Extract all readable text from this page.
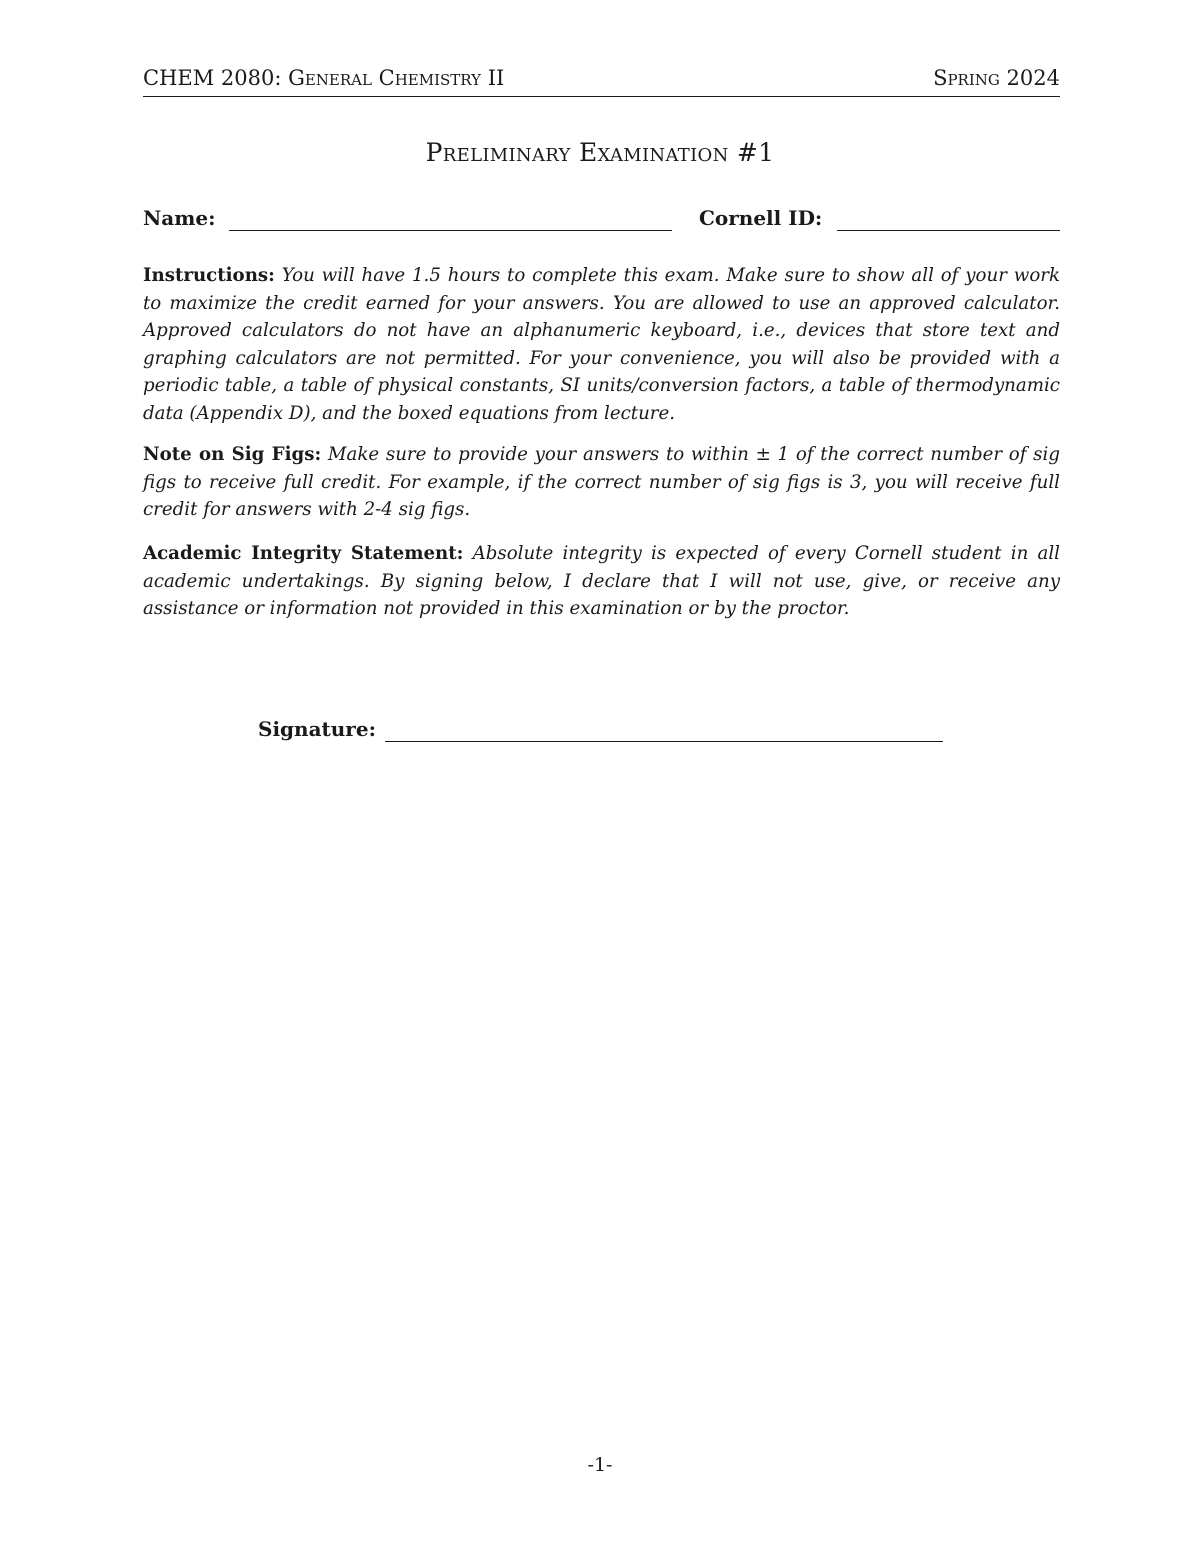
CHEM 2080: General Chemistry II	Spring 2024
Preliminary Examination #1
Name:	Cornell ID:
Instructions: You will have 1.5 hours to complete this exam. Make sure to show all of your work to maximize the credit earned for your answers. You are allowed to use an approved calculator. Approved calculators do not have an alphanumeric keyboard, i.e., devices that store text and graphing calculators are not permitted. For your convenience, you will also be provided with a periodic table, a table of physical constants, SI units/conversion factors, a table of thermodynamic data (Appendix D), and the boxed equations from lecture.
Note on Sig Figs: Make sure to provide your answers to within ± 1 of the correct number of sig figs to receive full credit. For example, if the correct number of sig figs is 3, you will receive full credit for answers with 2-4 sig figs.
Academic Integrity Statement: Absolute integrity is expected of every Cornell student in all academic undertakings. By signing below, I declare that I will not use, give, or receive any assistance or information not provided in this examination or by the proctor.
Signature:
-1-
